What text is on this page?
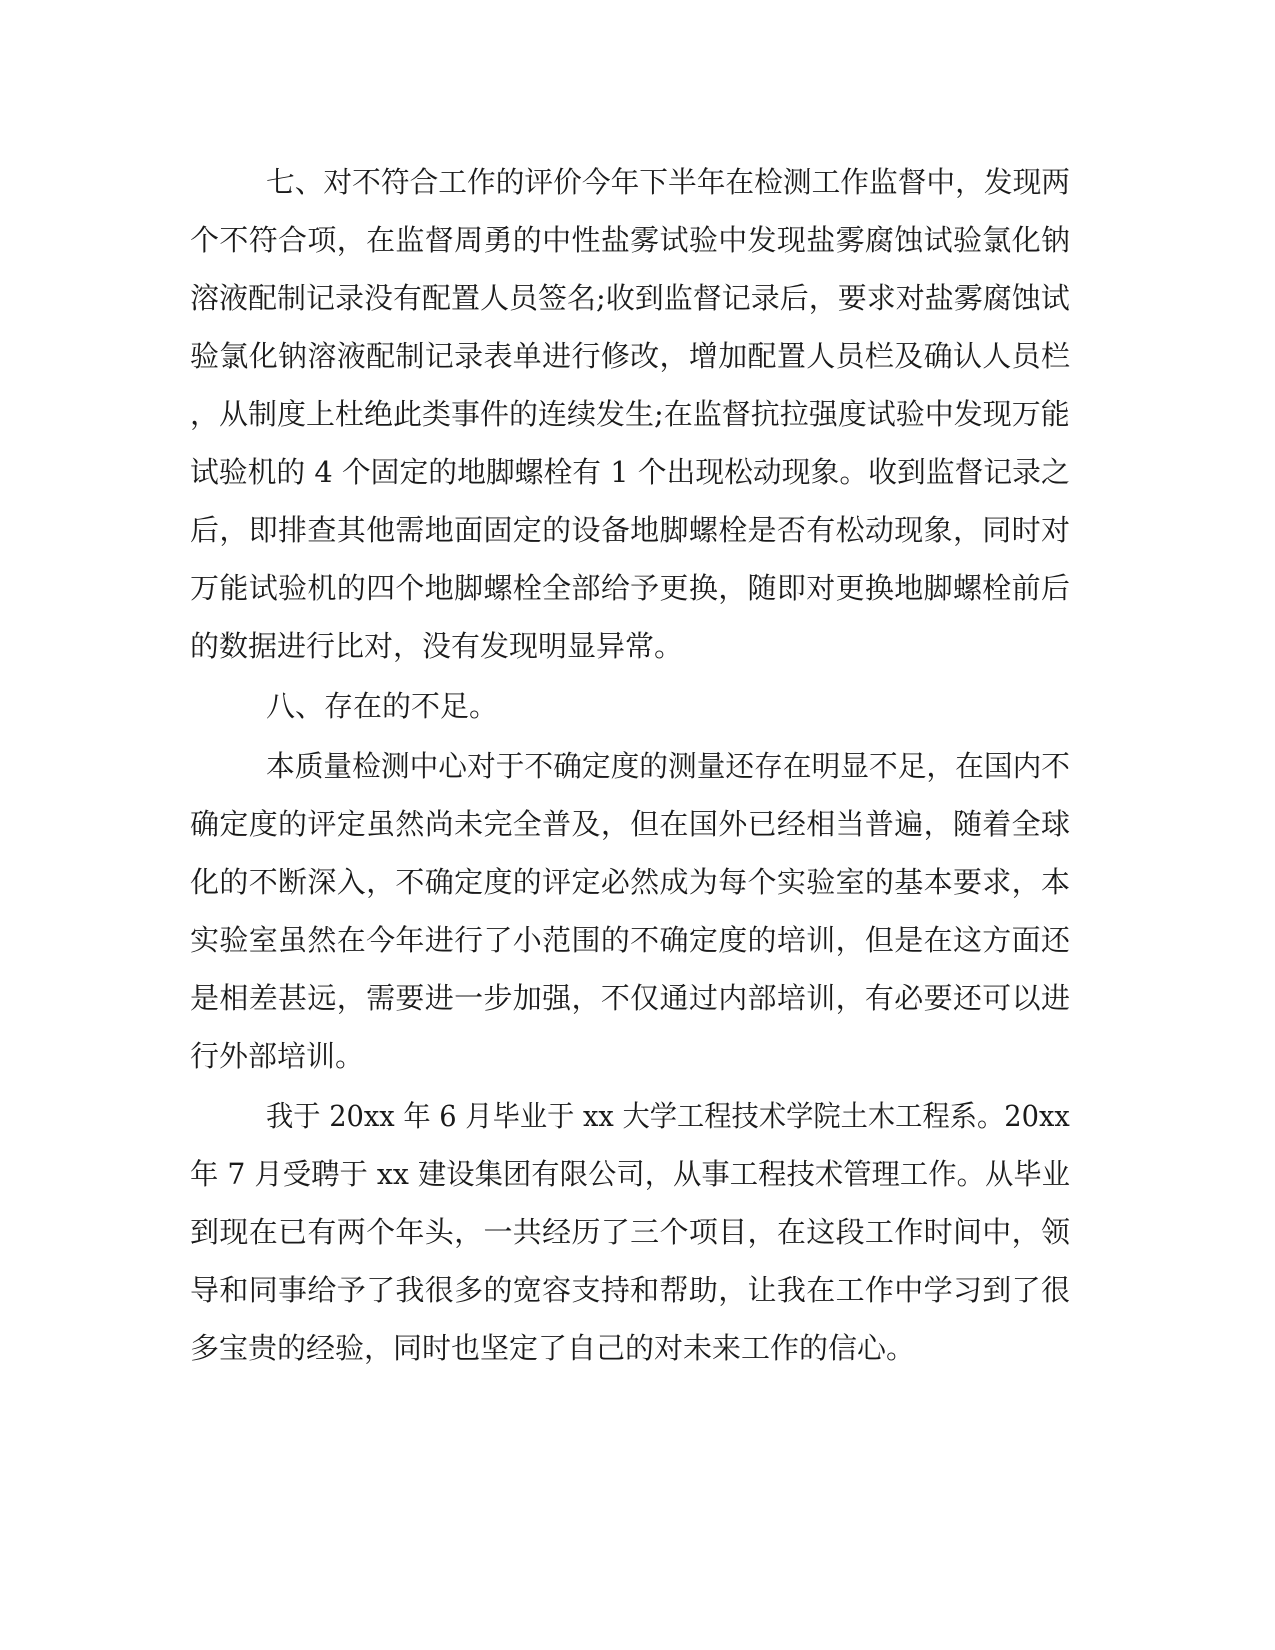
七、对不符合工作的评价今年下半年在检测工作监督中，发现两
个不符合项，在监督周勇的中性盐雾试验中发现盐雾腐蚀试验氯化钠
溶液配制记录没有配置人员签名;收到监督记录后，要求对盐雾腐蚀试
验氯化钠溶液配制记录表单进行修改，增加配置人员栏及确认人员栏
，从制度上杜绝此类事件的连续发生;在监督抗拉强度试验中发现万能
试验机的 4 个固定的地脚螺栓有 1 个出现松动现象。收到监督记录之
后，即排查其他需地面固定的设备地脚螺栓是否有松动现象，同时对
万能试验机的四个地脚螺栓全部给予更换，随即对更换地脚螺栓前后
的数据进行比对，没有发现明显异常。
八、存在的不足。
本质量检测中心对于不确定度的测量还存在明显不足，在国内不
确定度的评定虽然尚未完全普及，但在国外已经相当普遍，随着全球
化的不断深入，不确定度的评定必然成为每个实验室的基本要求，本
实验室虽然在今年进行了小范围的不确定度的培训，但是在这方面还
是相差甚远，需要进一步加强，不仅通过内部培训，有必要还可以进
行外部培训。
我于 20xx 年 6 月毕业于 xx 大学工程技术学院土木工程系。20xx
年 7 月受聘于 xx 建设集团有限公司，从事工程技术管理工作。从毕业
到现在已有两个年头，一共经历了三个项目，在这段工作时间中，领
导和同事给予了我很多的宽容支持和帮助，让我在工作中学习到了很
多宝贵的经验，同时也坚定了自己的对未来工作的信心。
